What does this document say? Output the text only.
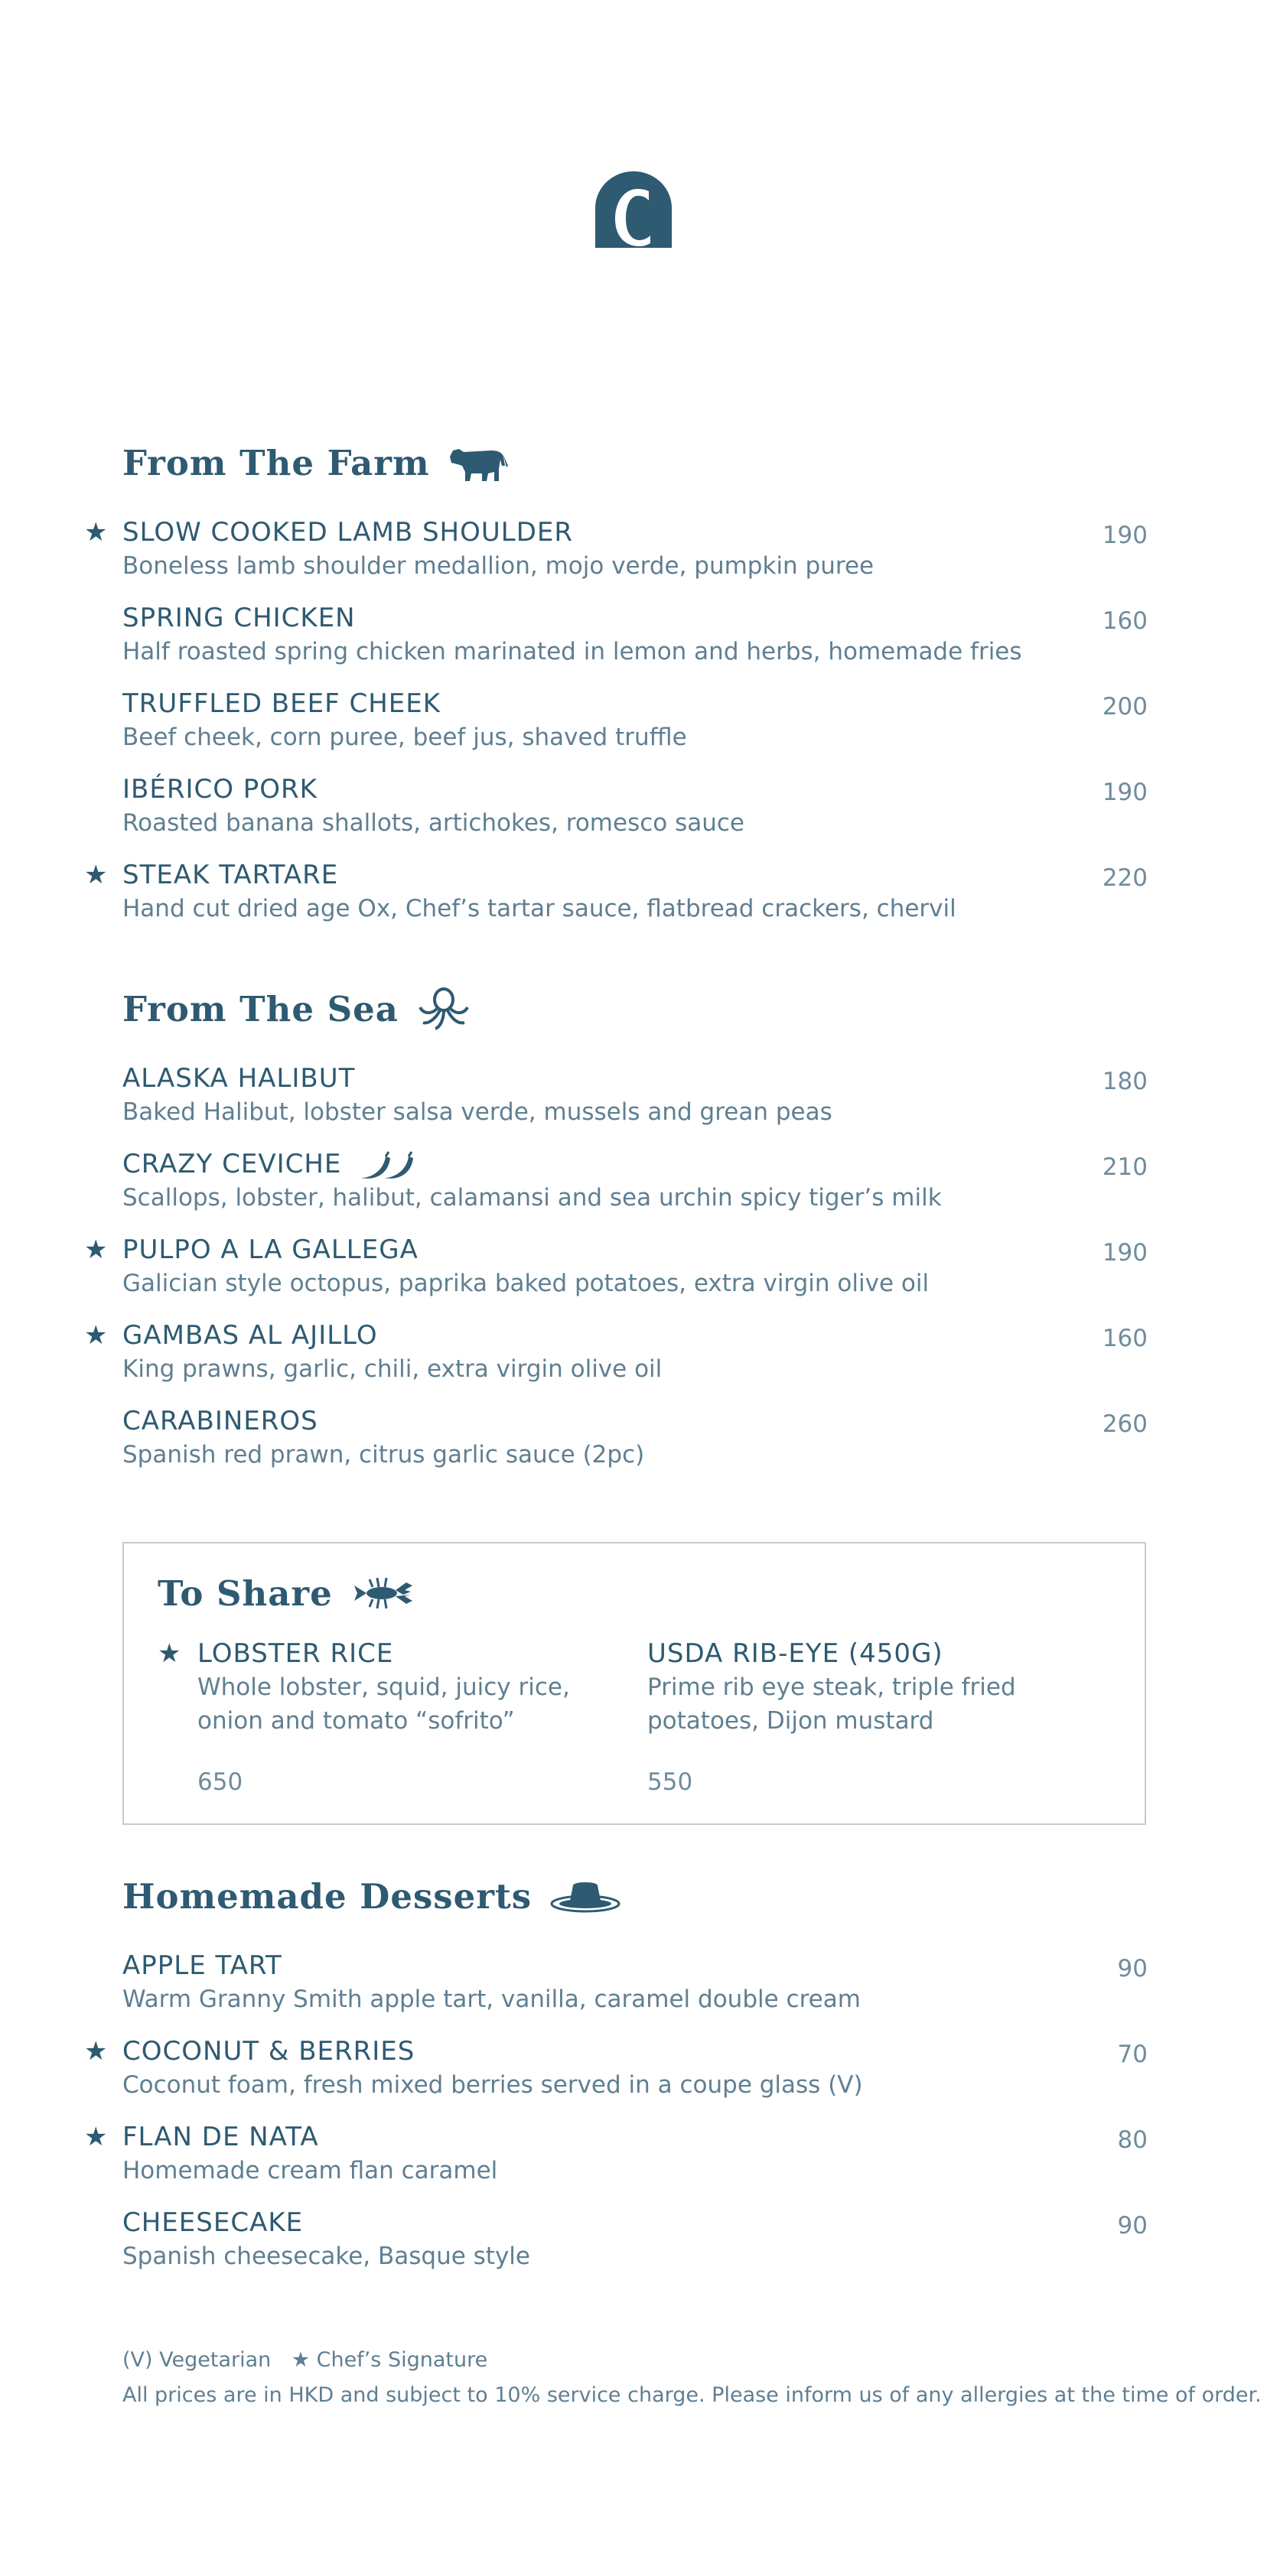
From The Farm
★ SLOW COOKED LAMB SHOULDER
Boneless lamb shoulder medallion, mojo verde, pumpkin puree
190
SPRING CHICKEN
Half roasted spring chicken marinated in lemon and herbs, homemade fries
160
TRUFFLED BEEF CHEEK
Beef cheek, corn puree, beef jus, shaved truffle
200
IBÉRICO PORK
Roasted banana shallots, artichokes, romesco sauce
190
★ STEAK TARTARE
Hand cut dried age Ox, Chef’s tartar sauce, flatbread crackers, chervil
220
From The Sea
ALASKA HALIBUT
Baked Halibut, lobster salsa verde, mussels and grean peas
180
CRAZY CEVICHE
Scallops, lobster, halibut, calamansi and sea urchin spicy tiger’s milk
210
★ PULPO A LA GALLEGA
Galician style octopus, paprika baked potatoes, extra virgin olive oil
190
★ GAMBAS AL AJILLO
King prawns, garlic, chili, extra virgin olive oil
160
CARABINEROS
Spanish red prawn, citrus garlic sauce (2pc)
260
To Share
★ LOBSTER RICE
Whole lobster, squid, juicy rice,
onion and tomato “sofrito”
650
USDA RIB-EYE (450G)
Prime rib eye steak, triple fried
potatoes, Dijon mustard
550
Homemade Desserts
APPLE TART
Warm Granny Smith apple tart, vanilla, caramel double cream
90
★ COCONUT & BERRIES
Coconut foam, fresh mixed berries served in a coupe glass (V)
70
★ FLAN DE NATA
Homemade cream flan caramel
80
CHEESECAKE
Spanish cheesecake, Basque style
90
(V) Vegetarian ★ Chef’s Signature
All prices are in HKD and subject to 10% service charge. Please inform us of any allergies at the time of order.
